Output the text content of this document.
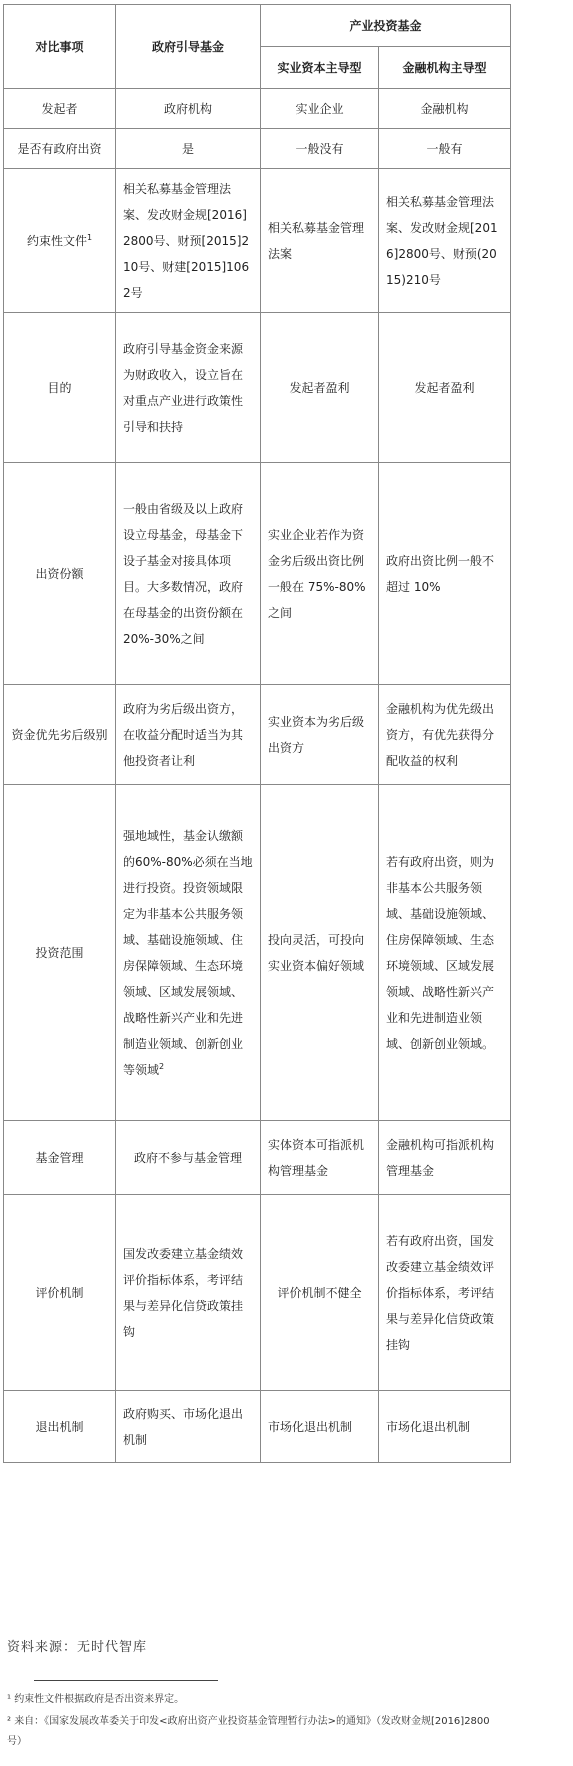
对比事项	政府引导基金	产业投资基金	
		实业资本主导型	金融机构主导型
发起者	政府机构	实业企业	金融机构
是否有政府出资	是	一般没有	一般有
约束性文件$^1$	相关私募基金管理法案、发改财金规[2016]2800号、财预[2015]210号、财建[2015]1062号	相关私募基金管理法案	相关私募基金管理法案、发改财金规[2016]2800号、财预(2015)210号
目的	政府引导基金资金来源为财政收入，设立旨在对重点产业进行政策性引导和扶持	发起者盈利	发起者盈利
出资份额	一般由省级及以上政府设立母基金，母基金下设子基金对接具体项目。大多数情况，政府在母基金的出资份额在 20%-30%之间	实业企业若作为资金劣后级出资比例一般在 75%-80%之间	政府出资比例一般不超过 10%
资金优先劣后级别	政府为劣后级出资方，在收益分配时适当为其他投资者让利	实业资本为劣后级出资方	金融机构为优先级出资方，有优先获得分配收益的权利
投资范围	强地域性，基金认缴额的60%-80%必须在当地进行投资。投资领域限定为非基本公共服务领域、基础设施领域、住房保障领域、生态环境领域、区域发展领域、战略性新兴产业和先进制造业领域、创新创业等领域$^2$	投向灵活，可投向实业资本偏好领域	若有政府出资，则为非基本公共服务领域、基础设施领域、住房保障领域、生态环境领域、区域发展领域、战略性新兴产业和先进制造业领域、创新创业领域。
基金管理	政府不参与基金管理	实体资本可指派机构管理基金	金融机构可指派机构管理基金
评价机制	国发改委建立基金绩效评价指标体系，考评结果与差异化信贷政策挂钩	评价机制不健全	若有政府出资，国发改委建立基金绩效评价指标体系，考评结果与差异化信贷政策挂钩
退出机制	政府购买、市场化退出机制	市场化退出机制	市场化退出机制
资料来源：无时代智库
¹ 约束性文件根据政府是否出资来界定。
² 来自：《国家发展改革委关于印发<政府出资产业投资基金管理暂行办法>的通知》（发改财金规[2016]2800 号）
